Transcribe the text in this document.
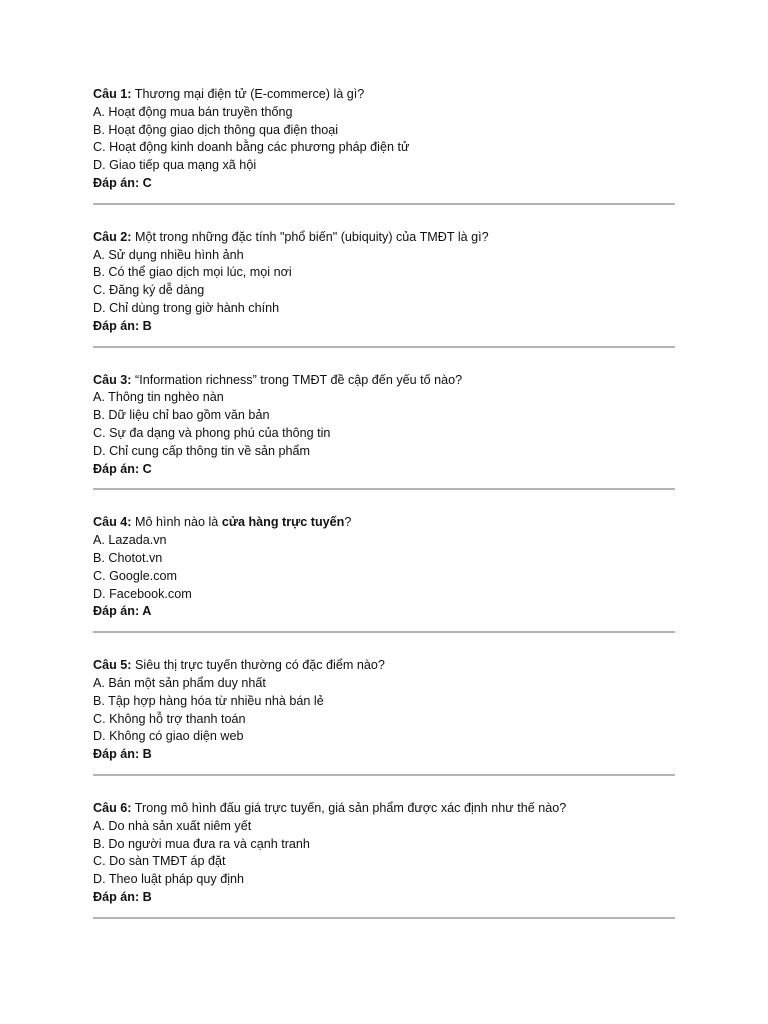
Câu 1: Thương mại điện tử (E-commerce) là gì?
A. Hoạt động mua bán truyền thống
B. Hoạt động giao dịch thông qua điện thoại
C. Hoạt động kinh doanh bằng các phương pháp điện tử
D. Giao tiếp qua mạng xã hội
Đáp án: C
Câu 2: Một trong những đặc tính "phổ biến" (ubiquity) của TMĐT là gì?
A. Sử dụng nhiều hình ảnh
B. Có thể giao dịch mọi lúc, mọi nơi
C. Đăng ký dễ dàng
D. Chỉ dùng trong giờ hành chính
Đáp án: B
Câu 3: “Information richness” trong TMĐT đề cập đến yếu tố nào?
A. Thông tin nghèo nàn
B. Dữ liệu chỉ bao gồm văn bản
C. Sự đa dạng và phong phú của thông tin
D. Chỉ cung cấp thông tin về sản phẩm
Đáp án: C
Câu 4: Mô hình nào là cửa hàng trực tuyến?
A. Lazada.vn
B. Chotot.vn
C. Google.com
D. Facebook.com
Đáp án: A
Câu 5: Siêu thị trực tuyến thường có đặc điểm nào?
A. Bán một sản phẩm duy nhất
B. Tập hợp hàng hóa từ nhiều nhà bán lẻ
C. Không hỗ trợ thanh toán
D. Không có giao diện web
Đáp án: B
Câu 6: Trong mô hình đấu giá trực tuyến, giá sản phẩm được xác định như thế nào?
A. Do nhà sản xuất niêm yết
B. Do người mua đưa ra và cạnh tranh
C. Do sàn TMĐT áp đặt
D. Theo luật pháp quy định
Đáp án: B
